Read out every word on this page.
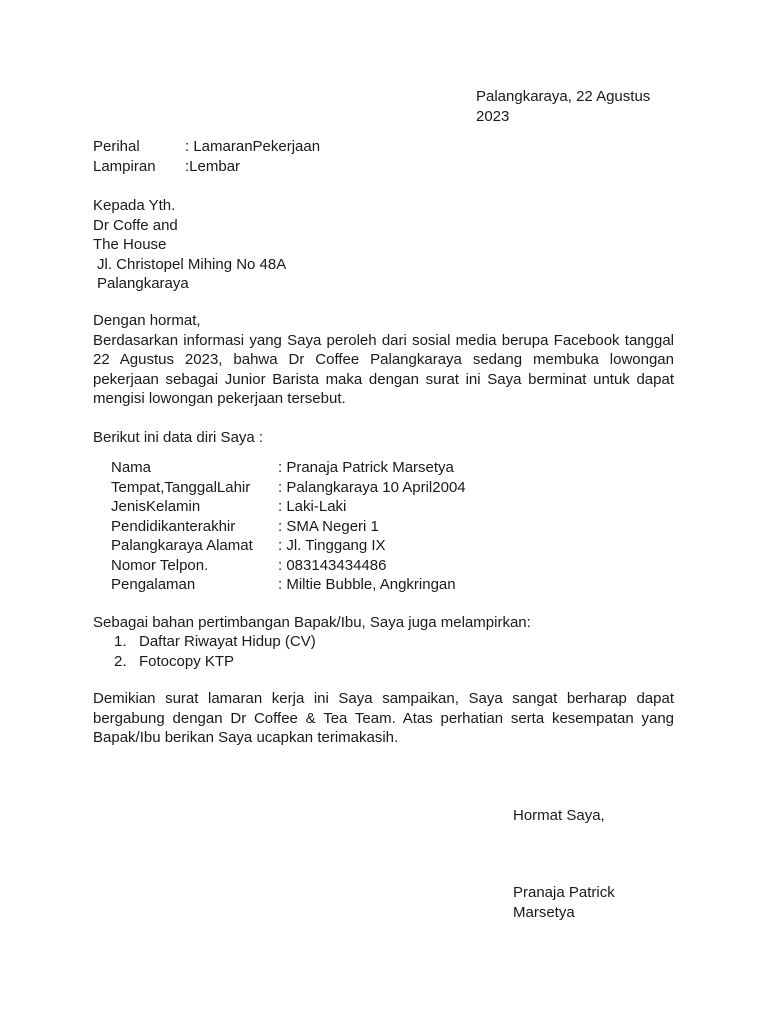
Palangkaraya, 22 Agustus
2023
Perihal	: LamaranPekerjaan
Lampiran	:Lembar
Kepada Yth.
Dr Coffe and
The House
Jl. Christopel Mihing No 48A
Palangkaraya

Dengan hormat,

Berdasarkan informasi yang Saya peroleh dari sosial media berupa Facebook tanggal 22 Agustus 2023, bahwa Dr Coffee Palangkaraya sedang membuka lowongan pekerjaan sebagai Junior Barista maka dengan surat ini Saya berminat untuk dapat mengisi lowongan pekerjaan tersebut.

Berikut ini data diri Saya :

Nama	: Pranaja Patrick Marsetya
Tempat,TanggalLahir	: Palangkaraya 10 April2004
JenisKelamin	: Laki-Laki
Pendidikanterakhir	: SMA Negeri 1
Palangkaraya Alamat	: Jl. Tinggang IX
Nomor Telpon.	: 083143434486
Pengalaman	: Miltie Bubble, Angkringan

Sebagai bahan pertimbangan Bapak/Ibu, Saya juga melampirkan:

1. Daftar Riwayat Hidup (CV)
2. Fotocopy KTP

Demikian surat lamaran kerja ini Saya sampaikan, Saya sangat berharap dapat bergabung dengan Dr Coffee & Tea Team. Atas perhatian serta kesempatan yang Bapak/Ibu berikan Saya ucapkan terimakasih.

Hormat Saya,
Pranaja Patrick
Marsetya
